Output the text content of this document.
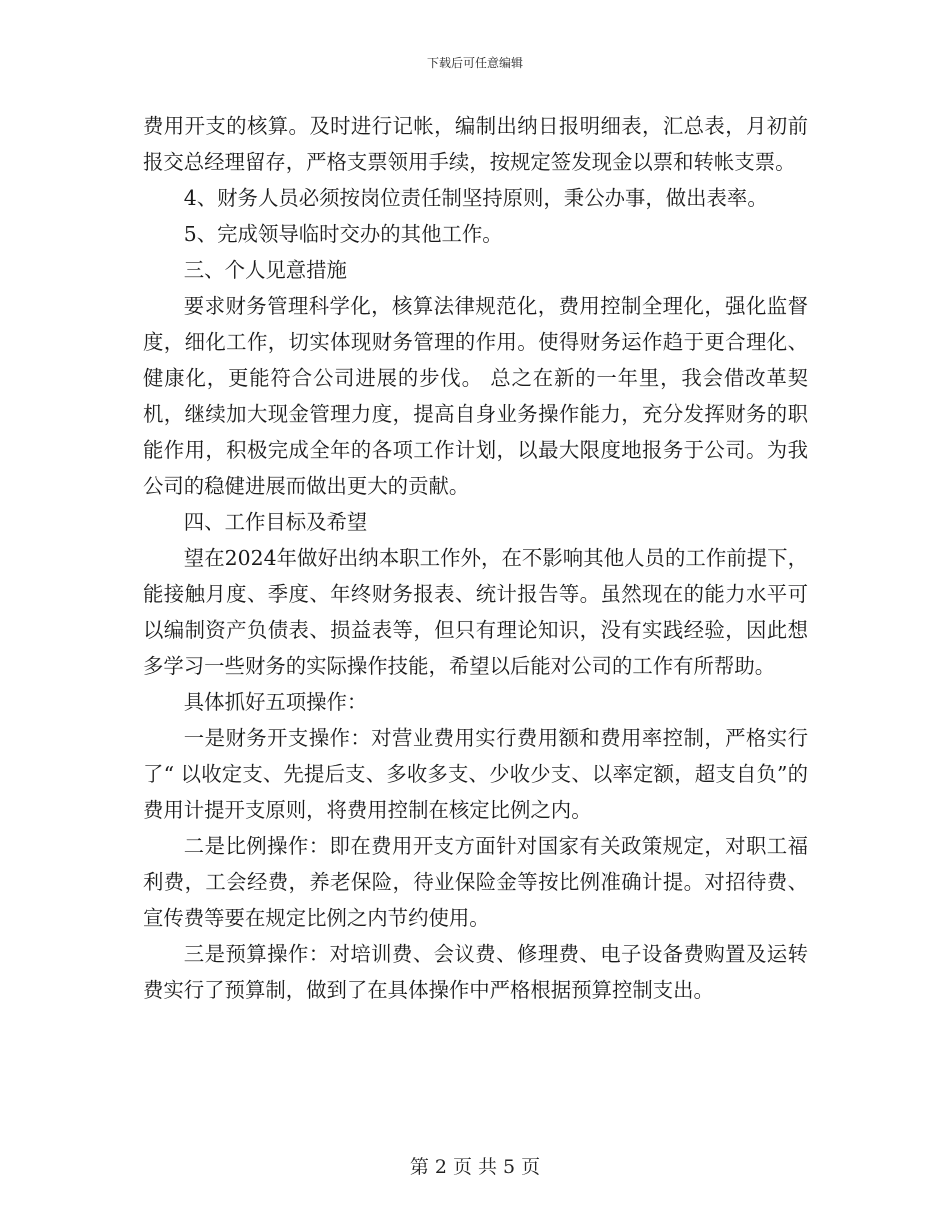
下载后可任意编辑

费用开支的核算。及时进行记帐，编制出纳日报明细表，汇总表，月初前报交总经理留存，严格支票领用手续，按规定签发现金以票和转帐支票。

4、财务人员必须按岗位责任制坚持原则，秉公办事，做出表率。

5、完成领导临时交办的其他工作。

三、个人见意措施

要求财务管理科学化，核算法律规范化，费用控制全理化，强化监督度，细化工作，切实体现财务管理的作用。使得财务运作趋于更合理化、健康化，更能符合公司进展的步伐。 总之在新的一年里，我会借改革契机，继续加大现金管理力度，提高自身业务操作能力，充分发挥财务的职能作用，积极完成全年的各项工作计划，以最大限度地报务于公司。为我公司的稳健进展而做出更大的贡献。

四、工作目标及希望

望在2024年做好出纳本职工作外，在不影响其他人员的工作前提下，能接触月度、季度、年终财务报表、统计报告等。虽然现在的能力水平可以编制资产负债表、损益表等，但只有理论知识，没有实践经验，因此想多学习一些财务的实际操作技能，希望以后能对公司的工作有所帮助。

具体抓好五项操作：

一是财务开支操作：对营业费用实行费用额和费用率控制，严格实行了“ 以收定支、先提后支、多收多支、少收少支、以率定额，超支自负”的费用计提开支原则，将费用控制在核定比例之内。

二是比例操作：即在费用开支方面针对国家有关政策规定，对职工福利费，工会经费，养老保险，待业保险金等按比例准确计提。对招待费、宣传费等要在规定比例之内节约使用。

三是预算操作：对培训费、会议费、修理费、电子设备费购置及运转费实行了预算制，做到了在具体操作中严格根据预算控制支出。

第 2 页 共 5 页
